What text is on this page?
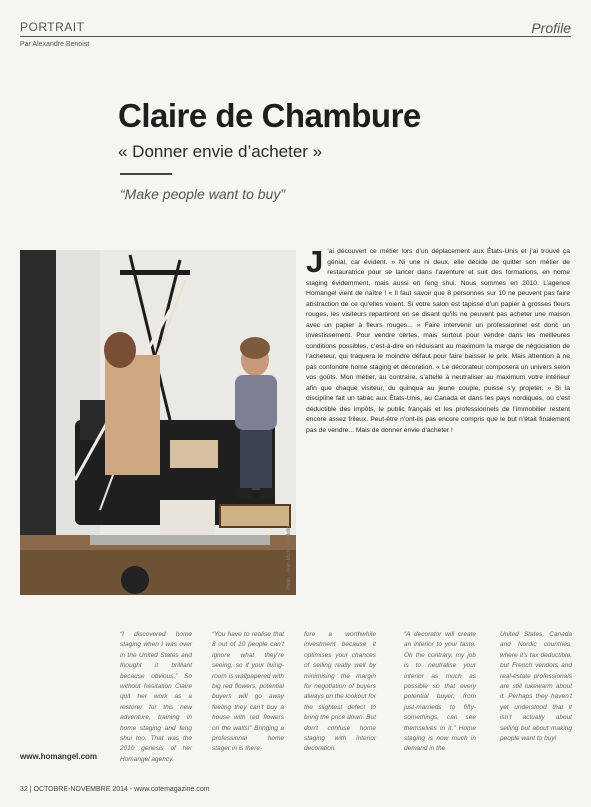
PORTRAIT
Par Alexandre Benoist
Profile
Claire de Chambure
« Donner envie d’acheter »
“Make people want to buy”
Photo : Jean-Michel Sordello
J ’ai découvert ce métier lors d’un déplacement aux États-Unis et j’ai trouvé ça génial, car évident. » Ni une ni deux, elle décide de quitter son métier de restauratrice pour se lancer dans l’aventure et suit des formations, en home staging évidemment, mais aussi en feng shui. Nous sommes en 2010. L’agence Homangel vient de naître ! « Il faut savoir que 8 personnes sur 10 ne peuvent pas faire abstraction de ce qu’elles voient. Si votre salon est tapissé d’un papier à grosses fleurs rouges, les visiteurs repartiront en se disant qu’ils ne peuvent pas acheter une maison avec un papier à fleurs rouges... » Faire intervenir un professionnel est donc un investissement. Pour vendre certes, mais surtout pour vendre dans les meilleures conditions possibles, c’est-à-dire en réduisant au maximum la marge de négociation de l’acheteur, qui traquera le moindre défaut pour faire baisser le prix. Mais attention à ne pas confondre home staging et décoration. « Le décorateur composera un univers selon vos goûts. Mon métier, au contraire, s’attelle à neutraliser au maximum votre intérieur afin que chaque visiteur, du quinqua au jeune couple, puisse s’y projeter. » Si la discipline fait un tabac aux États-Unis, au Canada et dans les pays nordiques, où c’est déductible des impôts, le public français et les professionnels de l’immobilier restent encore assez frileux. Peut-être n’ont-ils pas encore compris que le but n’était finalement pas de vendre... Mais de donner envie d’acheter !
“I discovered home staging when I was over in the United States and thought it brilliant because obvious.” So without hesitation Claire quit her work as a restorer for this new adventure, training in home staging and feng shui too. That was the 2010 genesis of her Homangel agency.
“You have to realise that 8 out of 10 people can’t ignore what they’re seeing, so if your living-room is wallpapered with big red flowers, potential buyers will go away feeling they can’t buy a house with red flowers on the walls!” Bringing a professional home stager in is there-
fore a worthwhile investment because it optimises your chances of selling really well by minimising the margin for negotiation of buyers always on the lookout for the slightest defect to bring the price down. But don’t confuse home staging with interior decoration.
“A decorator will create an interior to your taste. On the contrary, my job is to neutralise your interior as much as possible so that every potential buyer, from just-marrieds to fifty-somethings, can see themselves in it.” Home staging is now much in demand in the
United States, Canada and Nordic countries, where it’s tax deductible, but French vendors and real-estate professionals are still lukewarm about it. Perhaps they haven’t yet understood that it isn’t actually about selling but about making people want to buy!
www.homangel.com
32 | OCTOBRE-NOVEMBRE 2014 - www.cotemagazine.com
